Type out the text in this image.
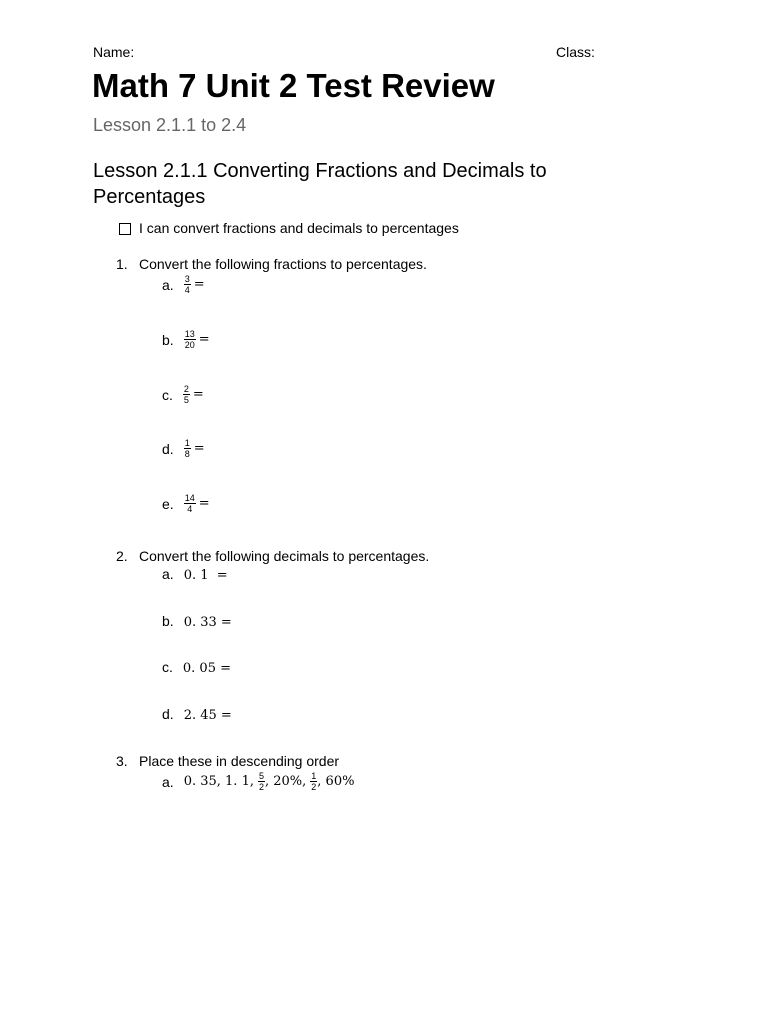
Name:	Class:
Math 7 Unit 2 Test Review
Lesson 2.1.1 to 2.4
Lesson 2.1.1 Converting Fractions and Decimals to Percentages
I can convert fractions and decimals to percentages
1. Convert the following fractions to percentages.
a. $\frac{3}{4}$ =
b. $\frac{13}{20}$ =
c. $\frac{2}{5}$ =
d. $\frac{1}{8}$ =
e. $\frac{14}{4}$ =
2. Convert the following decimals to percentages.
a. 0. 1  =
b. 0. 33 =
c. 0. 05 =
d. 2. 45 =
3. Place these in descending order
a. 0. 35, 1. 1, $\frac{5}{2}$ , 20%, $\frac{1}{2}$ , 60%
